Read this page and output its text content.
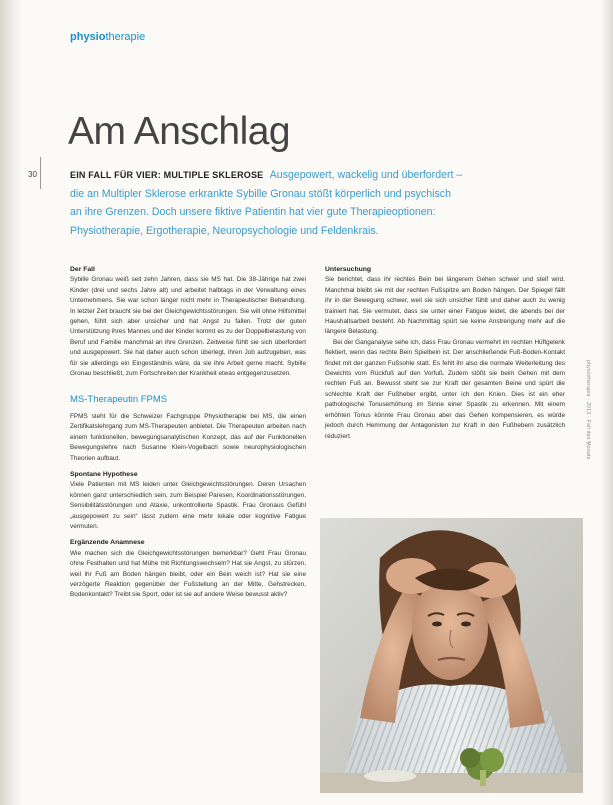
physiotherapie
Am Anschlag
30	EIN FALL FÜR VIER: MULTIPLE SKLEROSE Ausgepowert, wackelig und überfordert – die an Multipler Sklerose erkrankte Sybille Gronau stößt körperlich und psychisch an ihre Grenzen. Doch unsere fiktive Patientin hat vier gute Therapieoptionen: Physiotherapie, Ergotherapie, Neuropsychologie und Feldenkrais.
Der Fall

Sybille Gronau weiß seit zehn Jahren, dass sie MS hat. Die 38-Jährige hat zwei Kinder (drei und sechs Jahre alt) und arbeitet halbtags in der Verwaltung eines Unternehmens. Sie war schon länger nicht mehr in Therapeutischer Behandlung. In letzter Zeit braucht sie bei der Gleichgewichtsstörungen. Sie will ohne Hilfsmittel gehen, fühlt sich aber unsicher und hat Angst zu fallen. Trotz der guten Unterstützung ihres Mannes und der Kinder kommt es zu der Doppelbelastung von Beruf und Familie manchmal an ihre Grenzen. Zeitweise fühlt sie sich überfordert und ausgepowert. Sie hat daher auch schon überlegt, ihren Job aufzugeben, was für sie allerdings ein Eingeständnis wäre, da sie ihre Arbeit gerne macht. Sybille Gronau beschließt, zum Fortschreiten der Krankheit etwas entgegenzusetzen.

MS-Therapeutin FPMS

FPMS steht für die Schweizer Fachgruppe Physiotherapie bei MS, die einen Zertifikatslehrgang zum MS-Therapeuten anbietet. Die Therapeuten arbeiten nach einem funktionellen, bewegungsanalytischen Konzept, das auf der Funktionellen Bewegungslehre nach Susanne Klein-Vogelbach sowie neurophysiologischen Theorien aufbaut.

Spontane Hypothese

Viele Patienten mit MS leiden unter Gleichgewichtsstörungen. Deren Ursachen können ganz unterschiedlich sein, zum Beispiel Paresen, Koordinationsstörungen, Sensibilitätsstörungen und Ataxie, unkontrollierte Spastik. Frau Gronaus Gefühl „ausgepowert zu sein“ lässt zudem eine mehr lokale oder kognitive Fatigue vermuten.

Ergänzende Anamnese

Wie machen sich die Gleichgewichtsstörungen bemerkbar? Geht Frau Gronau ohne Festhalten und hat Mühe mit Richtungswechseln? Hat sie Angst, zu stürzen, weil ihr Fuß am Boden hängen bleibt, oder ein Bein weich ist? Hat sie eine verzögerte Reaktion gegenüber der Fußstellung an der Mitte, Gehstrecken, Bodenkontakt? Treibt sie Sport, oder ist sie auf andere Weise bewusst aktiv?

Untersuchung

Sie berichtet, dass ihr rechtes Bein bei längerem Gehen schwer und steif wird. Manchmal bleibt sie mit der rechten Fußspitze am Boden hängen. Der Spiegel fällt ihr in der Bewegung schwer, weil sie sich unsicher fühlt und daher auch zu wenig trainiert hat. Sie vermutet, dass sie unter einer Fatigue leidet, die abends bei der Haushaltsarbeit besteht. Ab Nachmittag spürt sie keine Anstrengung mehr auf die längere Belastung.

Bei der Ganganalyse sehe ich, dass Frau Gronau vermehrt im rechten Hüftgelenk flektiert, wenn das rechte Bein Spielbein ist. Der anschließende Fuß-Boden-Kontakt findet mit der ganzen Fußsohle statt. Es fehlt ihr also die normale Weiterleitung des Gewichts vom Rückfuß auf den Vorfuß. Zudem stößt sie beim Gehen mit dem rechten Fuß an. Bewusst steht sie zur Kraft der gesamten Beine und spürt die schlechte Kraft der Fußheber ergibt, unter ich den Knien. Dies ist ein eher pathologische Tonuserhöhung im Sinne einer Spastik zu erkennen. Mit einem erhöhten Tonus könnte Frau Gronau aber das Gehen kompensieren, es würde jedoch durch Hemmung der Antagonisten zur Kraft in den Fußhebern zusätzlich reduziert.	physiotherapie · 2013 · Fall des Monats
